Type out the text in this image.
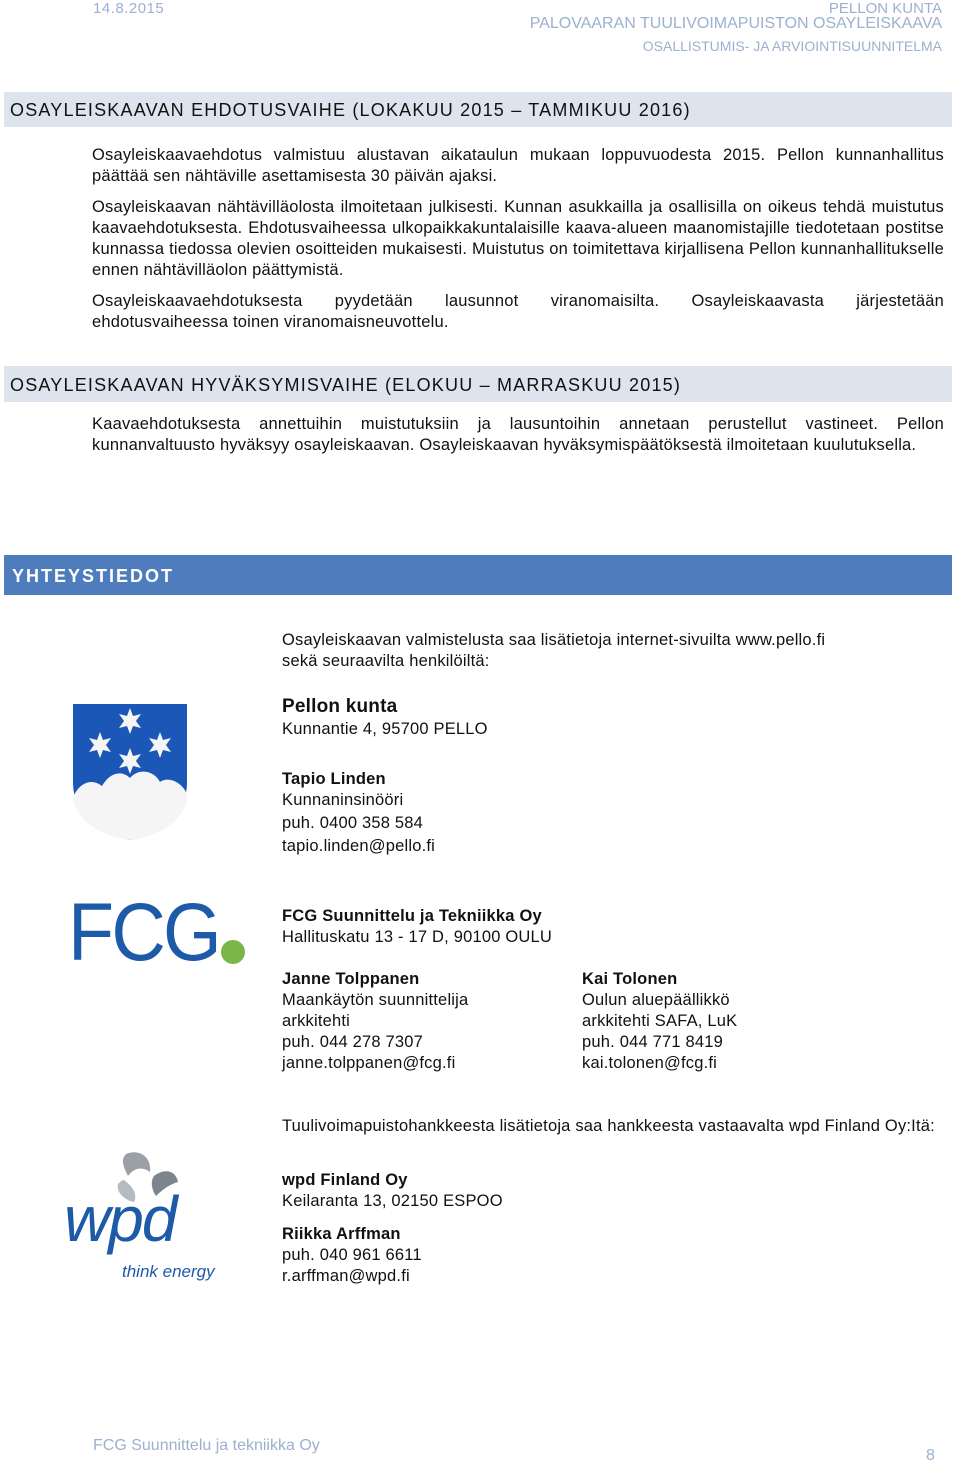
14.8.2015	PELLON KUNTA
PALOVAARAN TUULIVOIMAPUISTON OSAYLEISKAAVA
OSALLISTUMIS- JA ARVIOINTISUUNNITELMA
OSAYLEISKAAVAN EHDOTUSVAIHE (LOKAKUU 2015 – TAMMIKUU 2016)

Osayleiskaavaehdotus valmistuu alustavan aikataulun mukaan loppuvuodesta 2015. Pellon kunnanhallitus päättää sen nähtäville asettamisesta 30 päivän ajaksi.

Osayleiskaavan nähtävilläolosta ilmoitetaan julkisesti. Kunnan asukkailla ja osallisilla on oikeus tehdä muistutus kaavaehdotuksesta. Ehdotusvaiheessa ulkopaikkakuntalaisille kaava-alueen maanomistajille tiedotetaan postitse kunnassa tiedossa olevien osoitteiden mukaisesti. Muistutus on toimitettava kirjallisena Pellon kunnanhallitukselle ennen nähtävilläolon päättymistä.

Osayleiskaavaehdotuksesta pyydetään lausunnot viranomaisilta. Osayleiskaavasta järjestetään ehdotusvaiheessa toinen viranomaisneuvottelu.

OSAYLEISKAAVAN HYVÄKSYMISVAIHE (ELOKUU – MARRASKUU 2015)

Kaavaehdotuksesta annettuihin muistutuksiin ja lausuntoihin annetaan perustellut vastineet. Pellon kunnanvaltuusto hyväksyy osayleiskaavan. Osayleiskaavan hyväksymispäätöksestä ilmoitetaan kuulutuksella.

YHTEYSTIEDOT
Osayleiskaavan valmistelusta saa lisätietoja internet-sivuilta www.pello.fi
sekä seuraavilta henkilöiltä:
Pellon kunta
Kunnantie 4, 95700 PELLO
Tapio Linden
Kunnaninsinööri
puh. 0400 358 584
tapio.linden@pello.fi
FCG	FCG Suunnittelu ja Tekniikka Oy
Hallituskatu 13 - 17 D, 90100 OULU
Janne Tolppanen
Maankäytön suunnittelija
arkkitehti
puh. 044 278 7307
janne.tolppanen@fcg.fi
Kai Tolonen
Oulun aluepäällikkö
arkkitehti SAFA, LuK
puh. 044 771 8419
kai.tolonen@fcg.fi
wpd
think energy
Tuulivoimapuistohankkeesta lisätietoja saa hankkeesta vastaavalta wpd Finland Oy:Itä:
wpd Finland Oy
Keilaranta 13, 02150 ESPOO
Riikka Arffman
puh. 040 961 6611
r.arffman@wpd.fi
FCG Suunnittelu ja tekniikka Oy
8
